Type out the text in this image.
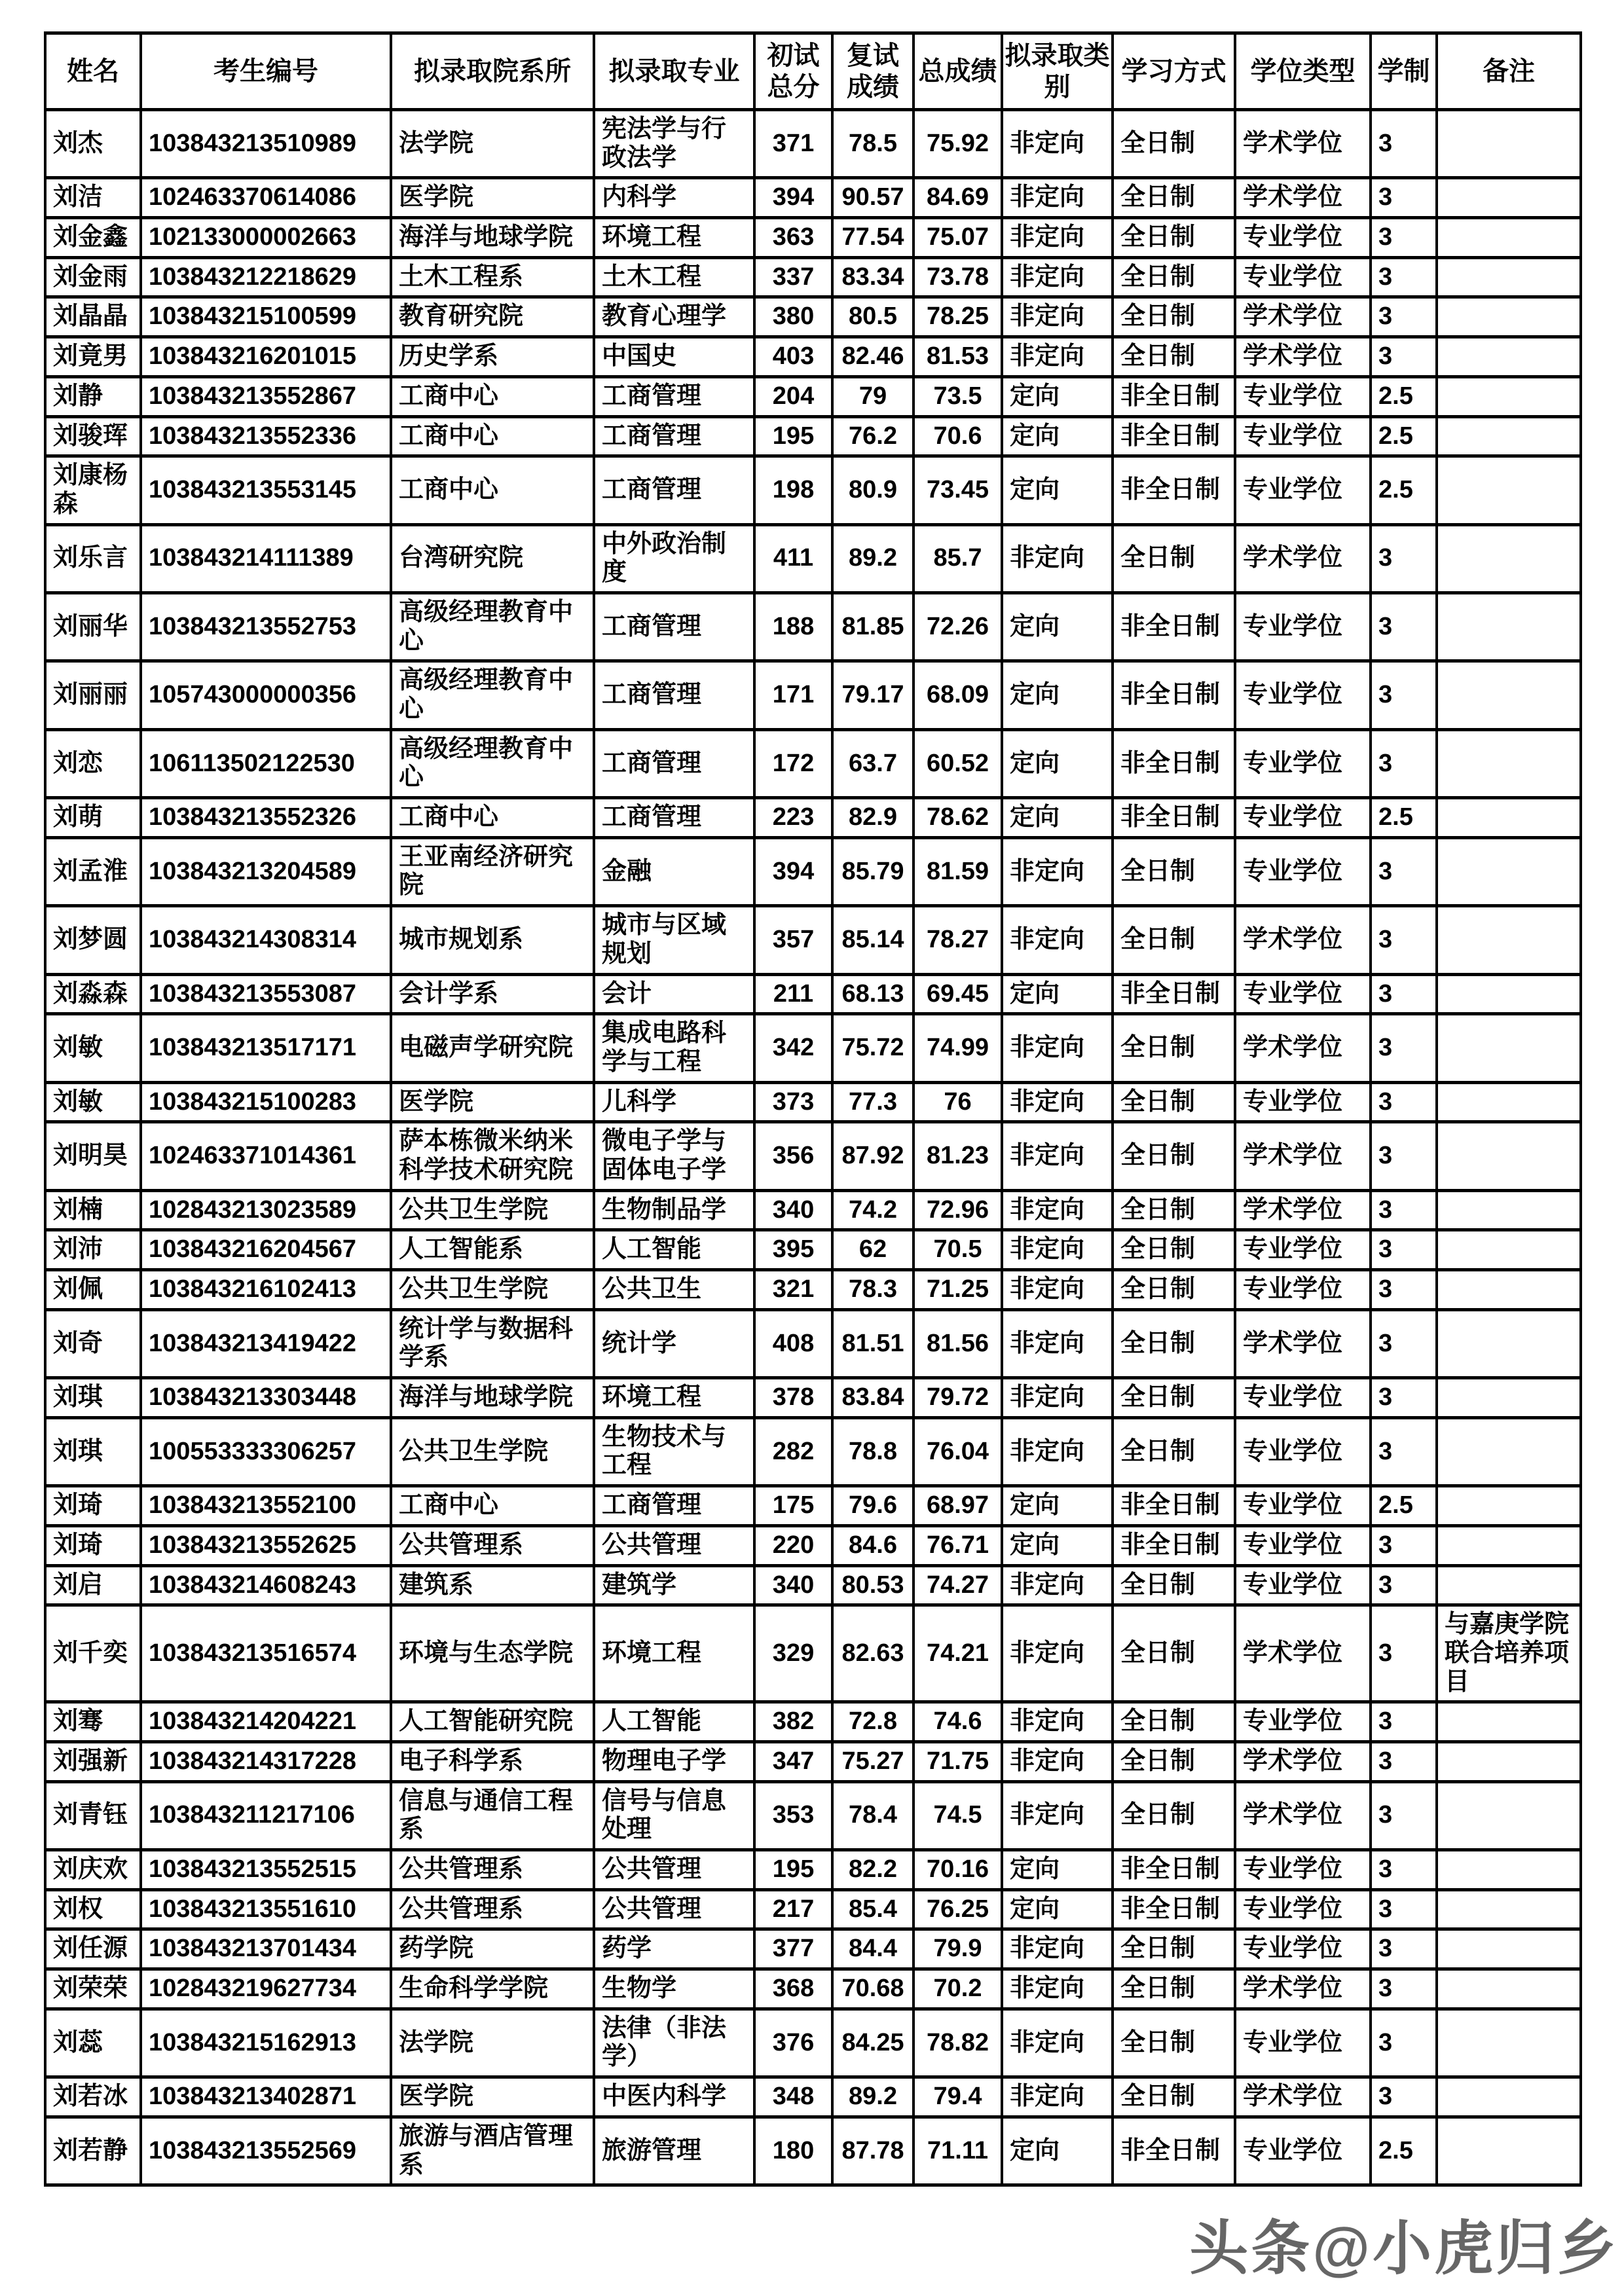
姓名	考生编号	拟录取院系所	拟录取专业	初试总分	复试成绩	总成绩	拟录取类别	学习方式	学位类型	学制	备注
刘杰	103843213510989	法学院	宪法学与行政法学	371	78.5	75.92	非定向	全日制	学术学位	3	
刘洁	102463370614086	医学院	内科学	394	90.57	84.69	非定向	全日制	学术学位	3	
刘金鑫	102133000002663	海洋与地球学院	环境工程	363	77.54	75.07	非定向	全日制	专业学位	3	
刘金雨	103843212218629	土木工程系	土木工程	337	83.34	73.78	非定向	全日制	专业学位	3	
刘晶晶	103843215100599	教育研究院	教育心理学	380	80.5	78.25	非定向	全日制	学术学位	3	
刘竟男	103843216201015	历史学系	中国史	403	82.46	81.53	非定向	全日制	学术学位	3	
刘静	103843213552867	工商中心	工商管理	204	79	73.5	定向	非全日制	专业学位	2.5	
刘骏珲	103843213552336	工商中心	工商管理	195	76.2	70.6	定向	非全日制	专业学位	2.5	
刘康杨森	103843213553145	工商中心	工商管理	198	80.9	73.45	定向	非全日制	专业学位	2.5	
刘乐言	103843214111389	台湾研究院	中外政治制度	411	89.2	85.7	非定向	全日制	学术学位	3	
刘丽华	103843213552753	高级经理教育中心	工商管理	188	81.85	72.26	定向	非全日制	专业学位	3	
刘丽丽	105743000000356	高级经理教育中心	工商管理	171	79.17	68.09	定向	非全日制	专业学位	3	
刘恋	106113502122530	高级经理教育中心	工商管理	172	63.7	60.52	定向	非全日制	专业学位	3	
刘萌	103843213552326	工商中心	工商管理	223	82.9	78.62	定向	非全日制	专业学位	2.5	
刘孟淮	103843213204589	王亚南经济研究院	金融	394	85.79	81.59	非定向	全日制	专业学位	3	
刘梦圆	103843214308314	城市规划系	城市与区域规划	357	85.14	78.27	非定向	全日制	学术学位	3	
刘淼森	103843213553087	会计学系	会计	211	68.13	69.45	定向	非全日制	专业学位	3	
刘敏	103843213517171	电磁声学研究院	集成电路科学与工程	342	75.72	74.99	非定向	全日制	学术学位	3	
刘敏	103843215100283	医学院	儿科学	373	77.3	76	非定向	全日制	专业学位	3	
刘明昊	102463371014361	萨本栋微米纳米科学技术研究院	微电子学与固体电子学	356	87.92	81.23	非定向	全日制	学术学位	3	
刘楠	102843213023589	公共卫生学院	生物制品学	340	74.2	72.96	非定向	全日制	学术学位	3	
刘沛	103843216204567	人工智能系	人工智能	395	62	70.5	非定向	全日制	专业学位	3	
刘佩	103843216102413	公共卫生学院	公共卫生	321	78.3	71.25	非定向	全日制	专业学位	3	
刘奇	103843213419422	统计学与数据科学系	统计学	408	81.51	81.56	非定向	全日制	学术学位	3	
刘琪	103843213303448	海洋与地球学院	环境工程	378	83.84	79.72	非定向	全日制	专业学位	3	
刘琪	100553333306257	公共卫生学院	生物技术与工程	282	78.8	76.04	非定向	全日制	专业学位	3	
刘琦	103843213552100	工商中心	工商管理	175	79.6	68.97	定向	非全日制	专业学位	2.5	
刘琦	103843213552625	公共管理系	公共管理	220	84.6	76.71	定向	非全日制	专业学位	3	
刘启	103843214608243	建筑系	建筑学	340	80.53	74.27	非定向	全日制	专业学位	3	
刘千奕	103843213516574	环境与生态学院	环境工程	329	82.63	74.21	非定向	全日制	学术学位	3	与嘉庚学院联合培养项目
刘骞	103843214204221	人工智能研究院	人工智能	382	72.8	74.6	非定向	全日制	专业学位	3	
刘强新	103843214317228	电子科学系	物理电子学	347	75.27	71.75	非定向	全日制	学术学位	3	
刘青钰	103843211217106	信息与通信工程系	信号与信息处理	353	78.4	74.5	非定向	全日制	学术学位	3	
刘庆欢	103843213552515	公共管理系	公共管理	195	82.2	70.16	定向	非全日制	专业学位	3	
刘权	103843213551610	公共管理系	公共管理	217	85.4	76.25	定向	非全日制	专业学位	3	
刘任源	103843213701434	药学院	药学	377	84.4	79.9	非定向	全日制	专业学位	3	
刘荣荣	102843219627734	生命科学学院	生物学	368	70.68	70.2	非定向	全日制	学术学位	3	
刘蕊	103843215162913	法学院	法律（非法学）	376	84.25	78.82	非定向	全日制	专业学位	3	
刘若冰	103843213402871	医学院	中医内科学	348	89.2	79.4	非定向	全日制	学术学位	3	
刘若静	103843213552569	旅游与酒店管理系	旅游管理	180	87.78	71.11	定向	非全日制	专业学位	2.5	
头条@小虎归乡
